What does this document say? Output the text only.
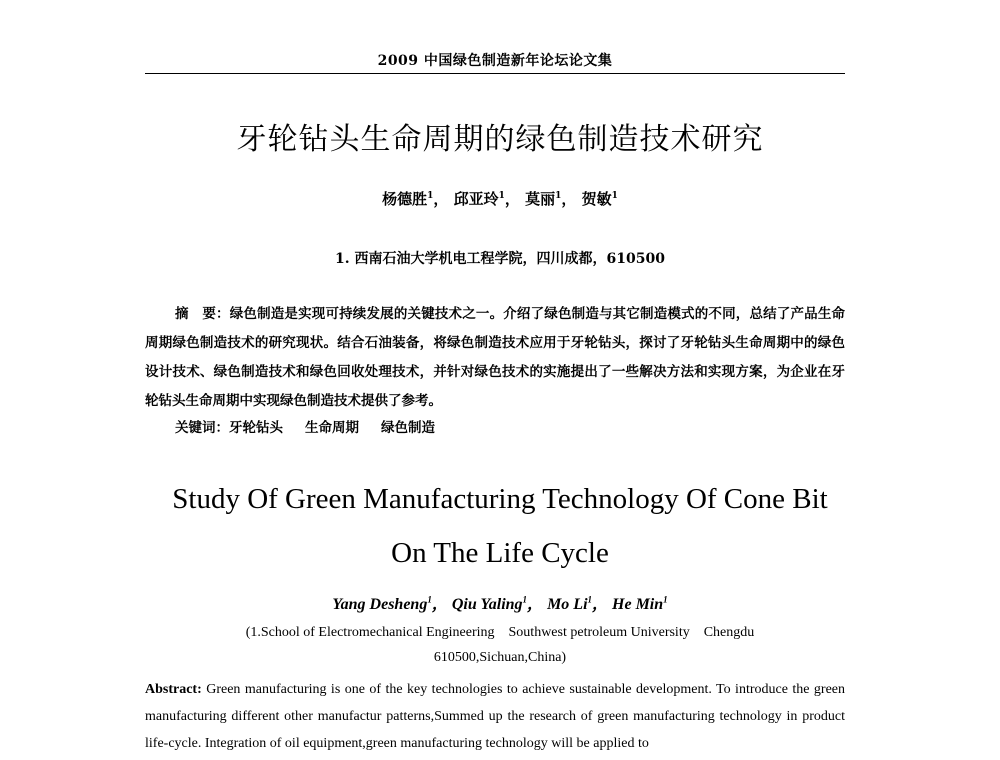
2009 中国绿色制造新年论坛论文集
牙轮钻头生命周期的绿色制造技术研究
杨德胜$^1$， 邱亚玲$^1$， 莫丽$^1$， 贺敏$^1$
1. 西南石油大学机电工程学院，四川成都，610500
摘　要：绿色制造是实现可持续发展的关键技术之一。介绍了绿色制造与其它制造模式的不同，总结了产品生命周期绿色制造技术的研究现状。结合石油装备，将绿色制造技术应用于牙轮钻头，探讨了牙轮钻头生命周期中的绿色设计技术、绿色制造技术和绿色回收处理技术，并针对绿色技术的实施提出了一些解决方法和实现方案，为企业在牙轮钻头生命周期中实现绿色制造技术提供了参考。
关键词：牙轮钻头 生命周期 绿色制造
Study Of Green Manufacturing Technology Of Cone Bit
On The Life Cycle
Yang Desheng$^1$， Qiu Yaling$^1$， Mo Li$^1$， He Min$^1$
(1.School of Electromechanical Engineering　Southwest petroleum University　Chengdu
610500,Sichuan,China)
Abstract: Green manufacturing is one of the key technologies to achieve sustainable development. To introduce the green manufacturing different other manufactur patterns,Summed up the research of green manufacturing technology in product life-cycle. Integration of oil equipment,green manufacturing technology will be applied to
